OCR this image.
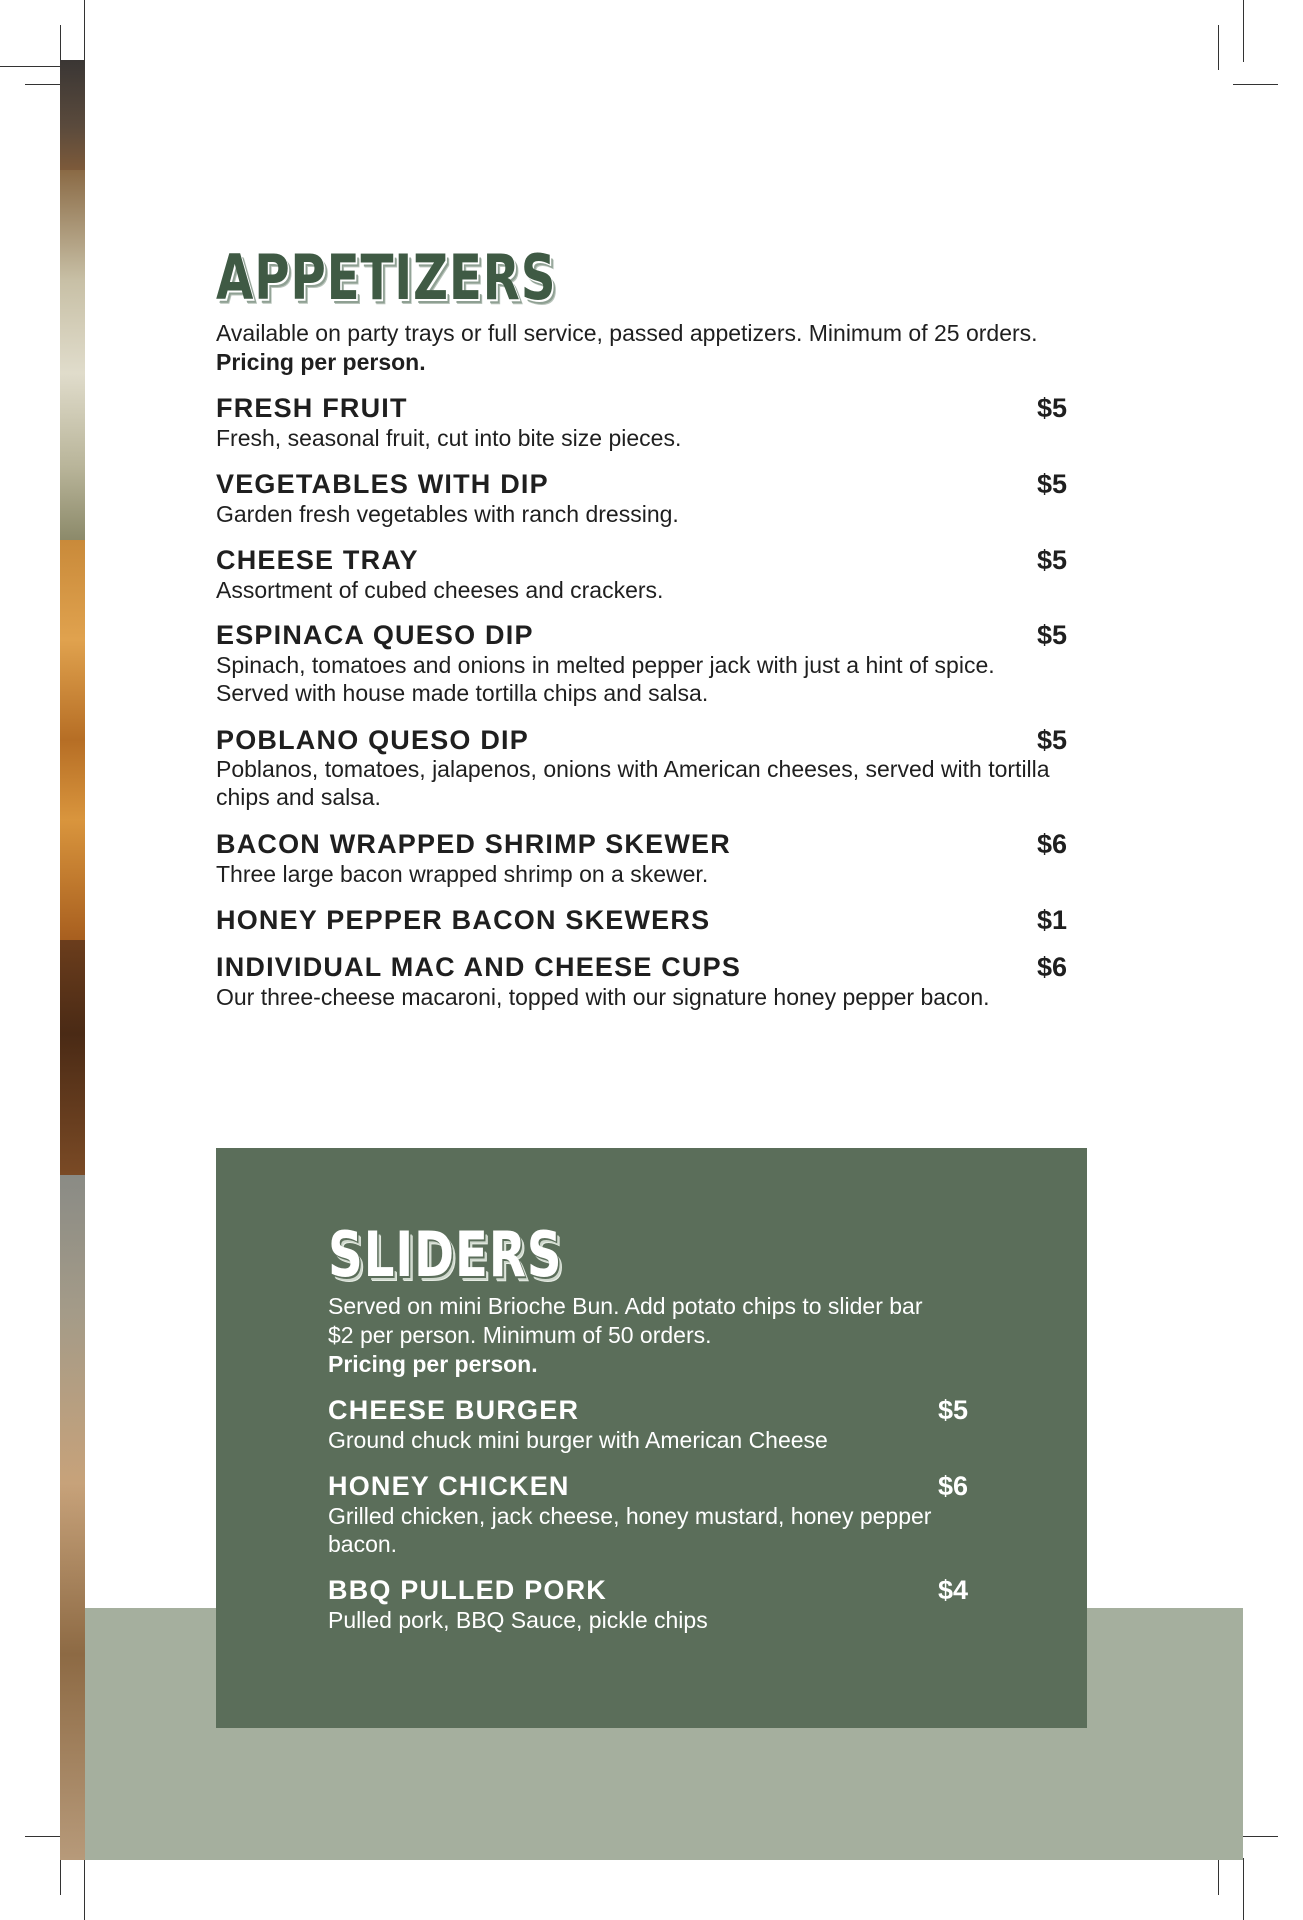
APPETIZERS
Available on party trays or full service, passed appetizers. Minimum of 25 orders. Pricing per person.
FRESH FRUIT	$5
Fresh, seasonal fruit, cut into bite size pieces.
VEGETABLES WITH DIP	$5
Garden fresh vegetables with ranch dressing.
CHEESE TRAY	$5
Assortment of cubed cheeses and crackers.
ESPINACA QUESO DIP	$5
Spinach, tomatoes and onions in melted pepper jack with just a hint of spice. Served with house made tortilla chips and salsa.
POBLANO QUESO DIP	$5
Poblanos, tomatoes, jalapenos, onions with American cheeses, served with tortilla chips and salsa.
BACON WRAPPED SHRIMP SKEWER	$6
Three large bacon wrapped shrimp on a skewer.
HONEY PEPPER BACON SKEWERS	$1
INDIVIDUAL MAC AND CHEESE CUPS	$6
Our three-cheese macaroni, topped with our signature honey pepper bacon.
SLIDERS
Served on mini Brioche Bun. Add potato chips to slider bar $2 per person. Minimum of 50 orders.
Pricing per person.
CHEESE BURGER	$5
Ground chuck mini burger with American Cheese
HONEY CHICKEN	$6
Grilled chicken, jack cheese, honey mustard, honey pepper bacon.
BBQ PULLED PORK	$4
Pulled pork, BBQ Sauce, pickle chips
